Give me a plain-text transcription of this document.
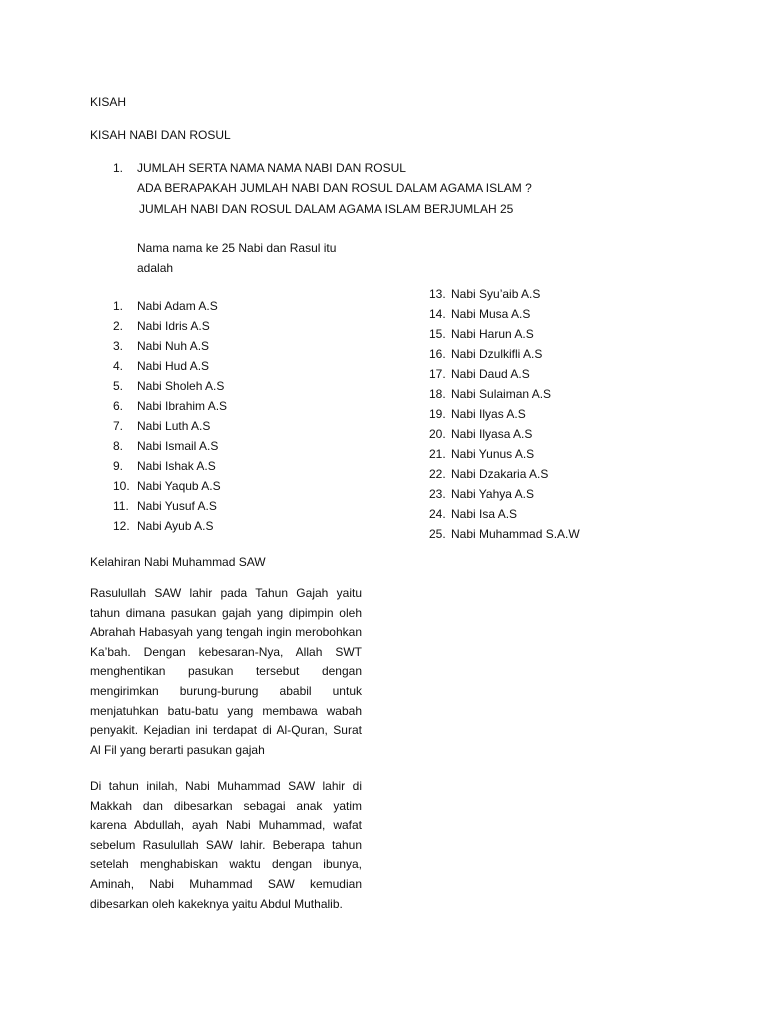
KISAH
KISAH NABI DAN ROSUL
1. JUMLAH SERTA NAMA NAMA NABI DAN ROSUL
ADA BERAPAKAH JUMLAH NABI DAN ROSUL DALAM AGAMA ISLAM ?
JUMLAH NABI DAN ROSUL DALAM AGAMA ISLAM BERJUMLAH 25
Nama nama ke 25 Nabi dan Rasul itu
adalah
1. Nabi Adam A.S
2. Nabi Idris A.S
3. Nabi Nuh A.S
4. Nabi Hud A.S
5. Nabi Sholeh A.S
6. Nabi Ibrahim A.S
7. Nabi Luth A.S
8. Nabi Ismail A.S
9. Nabi Ishak A.S
10. Nabi Yaqub A.S
11. Nabi Yusuf A.S
12. Nabi Ayub A.S
13. Nabi Syu’aib A.S
14. Nabi Musa A.S
15. Nabi Harun A.S
16. Nabi Dzulkifli A.S
17. Nabi Daud A.S
18. Nabi Sulaiman A.S
19. Nabi Ilyas A.S
20. Nabi Ilyasa A.S
21. Nabi Yunus A.S
22. Nabi Dzakaria A.S
23. Nabi Yahya A.S
24. Nabi Isa A.S
25. Nabi Muhammad S.A.W
Kelahiran Nabi Muhammad SAW

Rasulullah SAW lahir pada Tahun Gajah yaitu tahun dimana pasukan gajah yang dipimpin oleh Abrahah Habasyah yang tengah ingin merobohkan Ka’bah. Dengan kebesaran-Nya, Allah SWT menghentikan pasukan tersebut dengan mengirimkan burung-burung ababil untuk menjatuhkan batu-batu yang membawa wabah penyakit. Kejadian ini terdapat di Al-Quran, Surat Al Fil yang berarti pasukan gajah

Di tahun inilah, Nabi Muhammad SAW lahir di Makkah dan dibesarkan sebagai anak yatim karena Abdullah, ayah Nabi Muhammad, wafat sebelum Rasulullah SAW lahir. Beberapa tahun setelah menghabiskan waktu dengan ibunya, Aminah, Nabi Muhammad SAW kemudian dibesarkan oleh kakeknya yaitu Abdul Muthalib.
